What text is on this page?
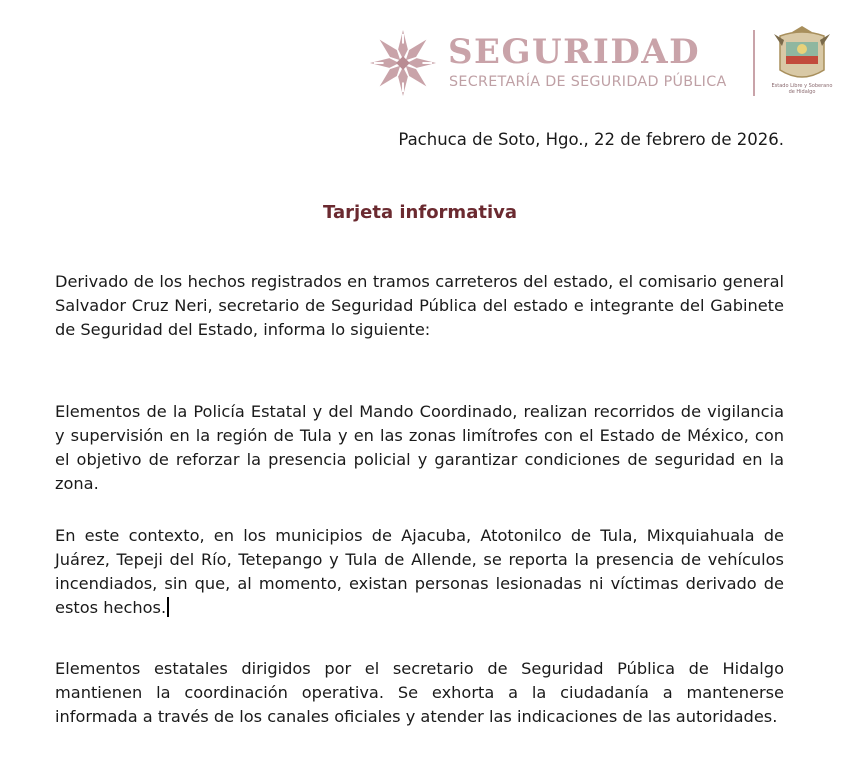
SEGURIDAD
SECRETARÍA DE SEGURIDAD PÚBLICA	Estado Libre y Soberano de Hidalgo
Pachuca de Soto, Hgo., 22 de febrero de 2026.
Tarjeta informativa

Derivado de los hechos registrados en tramos carreteros del estado, el comisario general Salvador Cruz Neri, secretario de Seguridad Pública del estado e integrante del Gabinete de Seguridad del Estado, informa lo siguiente:

Elementos de la Policía Estatal y del Mando Coordinado, realizan recorridos de vigilancia y supervisión en la región de Tula y en las zonas limítrofes con el Estado de México, con el objetivo de reforzar la presencia policial y garantizar condiciones de seguridad en la zona.

En este contexto, en los municipios de Ajacuba, Atotonilco de Tula, Mixquiahuala de Juárez, Tepeji del Río, Tetepango y Tula de Allende, se reporta la presencia de vehículos incendiados, sin que, al momento, existan personas lesionadas ni víctimas derivado de estos hechos.

Elementos estatales dirigidos por el secretario de Seguridad Pública de Hidalgo mantienen la coordinación operativa. Se exhorta a la ciudadanía a mantenerse informada a través de los canales oficiales y atender las indicaciones de las autoridades.
